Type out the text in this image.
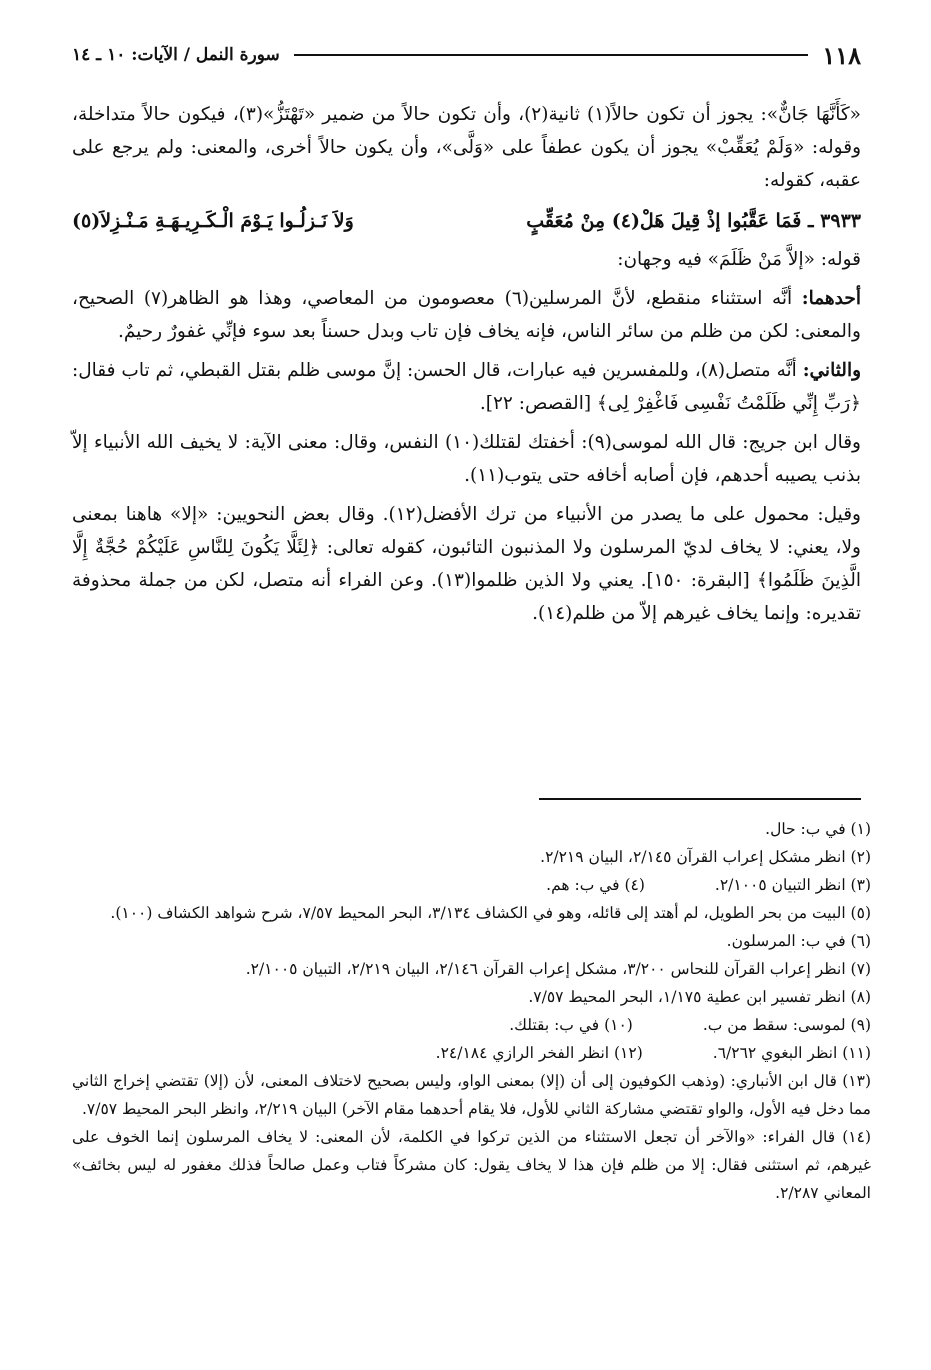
١١٨
سورة النمل / الآيات: ١٠ ـ ١٤

«كَأَنَّهَا جَانٌّ»: يجوز أن تكون حالاً(١) ثانية(٢)، وأن تكون حالاً من ضمير «تَهْتَزُّ»(٣)، فيكون حالاً متداخلة، وقوله: «وَلَمْ يُعَقِّبْ» يجوز أن يكون عطفاً على «وَلَّى»، وأن يكون حالاً أخرى، والمعنى: ولم يرجع على عقبه، كقوله:

٣٩٣٣ ـ فَمَا عَقَّبُوا إذْ قِيلَ هَلْ(٤) مِنْ مُعَقِّبٍ
وَلاَ نَـزلُـوا يَـوْمَ الْـكَـرِيـهَـةِ مَـنْـزِلاَ(٥)

قوله: «إلاَّ مَنْ ظَلَمَ» فيه وجهان:

أحدهما: أنَّه استثناء منقطع، لأنَّ المرسلين(٦) معصومون من المعاصي، وهذا هو الظاهر(٧) الصحيح، والمعنى: لكن من ظلم من سائر الناس، فإنه يخاف فإن تاب وبدل حسناً بعد سوء فإنِّي غفورٌ رحيمٌ.

والثاني: أنَّه متصل(٨)، وللمفسرين فيه عبارات، قال الحسن: إنَّ موسى ظلم بقتل القبطي، ثم تاب فقال: ﴿رَبِّ إِنِّي ظَلَمْتُ نَفْسِى فَاغْفِرْ لِى﴾ [القصص: ٢٢].

وقال ابن جريج: قال الله لموسى(٩): أخفتك لقتلك(١٠) النفس، وقال: معنى الآية: لا يخيف الله الأنبياء إلاّ بذنب يصيبه أحدهم، فإن أصابه أخافه حتى يتوب(١١).

وقيل: محمول على ما يصدر من الأنبياء من ترك الأفضل(١٢). وقال بعض النحويين: «إلا» هاهنا بمعنى ولا، يعني: لا يخاف لديّ المرسلون ولا المذنبون التائبون، كقوله تعالى: ﴿لِئَلَّا يَكُونَ لِلنَّاسِ عَلَيْكُمْ حُجَّةٌ إِلَّا الَّذِينَ ظَلَمُوا﴾ [البقرة: ١٥٠]. يعني ولا الذين ظلموا(١٣). وعن الفراء أنه متصل، لكن من جملة محذوفة تقديره: وإنما يخاف غيرهم إلاّ من ظلم(١٤).

(١) في ب: حال.

(٢) انظر مشكل إعراب القرآن ٢/١٤٥، البيان ٢/٢١٩.

(٣) انظر التبيان ٢/١٠٠٥.

(٤) في ب: هم.

(٥) البيت من بحر الطويل، لم أهتد إلى قائله، وهو في الكشاف ٣/١٣٤، البحر المحيط ٧/٥٧، شرح شواهد الكشاف (١٠٠).

(٦) في ب: المرسلون.

(٧) انظر إعراب القرآن للنحاس ٣/٢٠٠، مشكل إعراب القرآن ٢/١٤٦، البيان ٢/٢١٩، التبيان ٢/١٠٠٥.

(٨) انظر تفسير ابن عطية ١/١٧٥، البحر المحيط ٧/٥٧.

(٩) لموسى: سقط من ب.

(١٠) في ب: بقتلك.

(١١) انظر البغوي ٦/٢٦٢.

(١٢) انظر الفخر الرازي ٢٤/١٨٤.

(١٣) قال ابن الأنباري: (وذهب الكوفيون إلى أن (إلا) بمعنى الواو، وليس بصحيح لاختلاف المعنى، لأن (إلا) تقتضي إخراج الثاني مما دخل فيه الأول، والواو تقتضي مشاركة الثاني للأول، فلا يقام أحدهما مقام الآخر) البيان ٢/٢١٩، وانظر البحر المحيط ٧/٥٧.

(١٤) قال الفراء: «والآخر أن تجعل الاستثناء من الذين تركوا في الكلمة، لأن المعنى: لا يخاف المرسلون إنما الخوف على غيرهم، ثم استثنى فقال: إلا من ظلم فإن هذا لا يخاف يقول: كان مشركاً فتاب وعمل صالحاً فذلك مغفور له ليس بخائف» المعاني ٢/٢٨٧.
